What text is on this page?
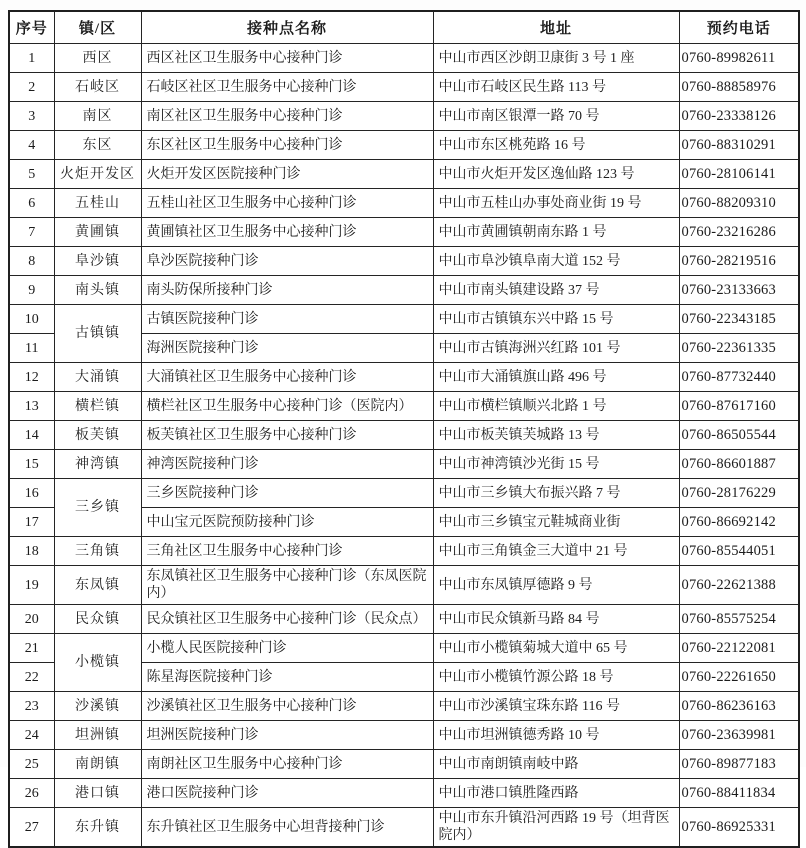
序号	镇/区	接种点名称	地址	预约电话
1	西区	西区社区卫生服务中心接种门诊	中山市西区沙朗卫康街 3 号 1 座	0760-89982611
2	石岐区	石岐区社区卫生服务中心接种门诊	中山市石岐区民生路 113 号	0760-88858976
3	南区	南区社区卫生服务中心接种门诊	中山市南区银潭一路 70 号	0760-23338126
4	东区	东区社区卫生服务中心接种门诊	中山市东区桃苑路 16 号	0760-88310291
5	火炬开发区	火炬开发区医院接种门诊	中山市火炬开发区逸仙路 123 号	0760-28106141
6	五桂山	五桂山社区卫生服务中心接种门诊	中山市五桂山办事处商业街 19 号	0760-88209310
7	黄圃镇	黄圃镇社区卫生服务中心接种门诊	中山市黄圃镇朝南东路 1 号	0760-23216286
8	阜沙镇	阜沙医院接种门诊	中山市阜沙镇阜南大道 152 号	0760-28219516
9	南头镇	南头防保所接种门诊	中山市南头镇建设路 37 号	0760-23133663
10	古镇镇	古镇医院接种门诊	中山市古镇镇东兴中路 15 号	0760-22343185
11		海洲医院接种门诊	中山市古镇海洲兴红路 101 号	0760-22361335
12	大涌镇	大涌镇社区卫生服务中心接种门诊	中山市大涌镇旗山路 496 号	0760-87732440
13	横栏镇	横栏社区卫生服务中心接种门诊（医院内）	中山市横栏镇顺兴北路 1 号	0760-87617160
14	板芙镇	板芙镇社区卫生服务中心接种门诊	中山市板芙镇芙城路 13 号	0760-86505544
15	神湾镇	神湾医院接种门诊	中山市神湾镇沙光街 15 号	0760-86601887
16	三乡镇	三乡医院接种门诊	中山市三乡镇大布振兴路 7 号	0760-28176229
17		中山宝元医院预防接种门诊	中山市三乡镇宝元鞋城商业街	0760-86692142
18	三角镇	三角社区卫生服务中心接种门诊	中山市三角镇金三大道中 21 号	0760-85544051
19	东凤镇	东凤镇社区卫生服务中心接种门诊（东凤医院内）	中山市东凤镇厚德路 9 号	0760-22621388
20	民众镇	民众镇社区卫生服务中心接种门诊（民众点）	中山市民众镇新马路 84 号	0760-85575254
21	小榄镇	小榄人民医院接种门诊	中山市小榄镇菊城大道中 65 号	0760-22122081
22		陈星海医院接种门诊	中山市小榄镇竹源公路 18 号	0760-22261650
23	沙溪镇	沙溪镇社区卫生服务中心接种门诊	中山市沙溪镇宝珠东路 116 号	0760-86236163
24	坦洲镇	坦洲医院接种门诊	中山市坦洲镇德秀路 10 号	0760-23639981
25	南朗镇	南朗社区卫生服务中心接种门诊	中山市南朗镇南岐中路	0760-89877183
26	港口镇	港口医院接种门诊	中山市港口镇胜隆西路	0760-88411834
27	东升镇	东升镇社区卫生服务中心坦背接种门诊	中山市东升镇沿河西路 19 号（坦背医院内）	0760-86925331
